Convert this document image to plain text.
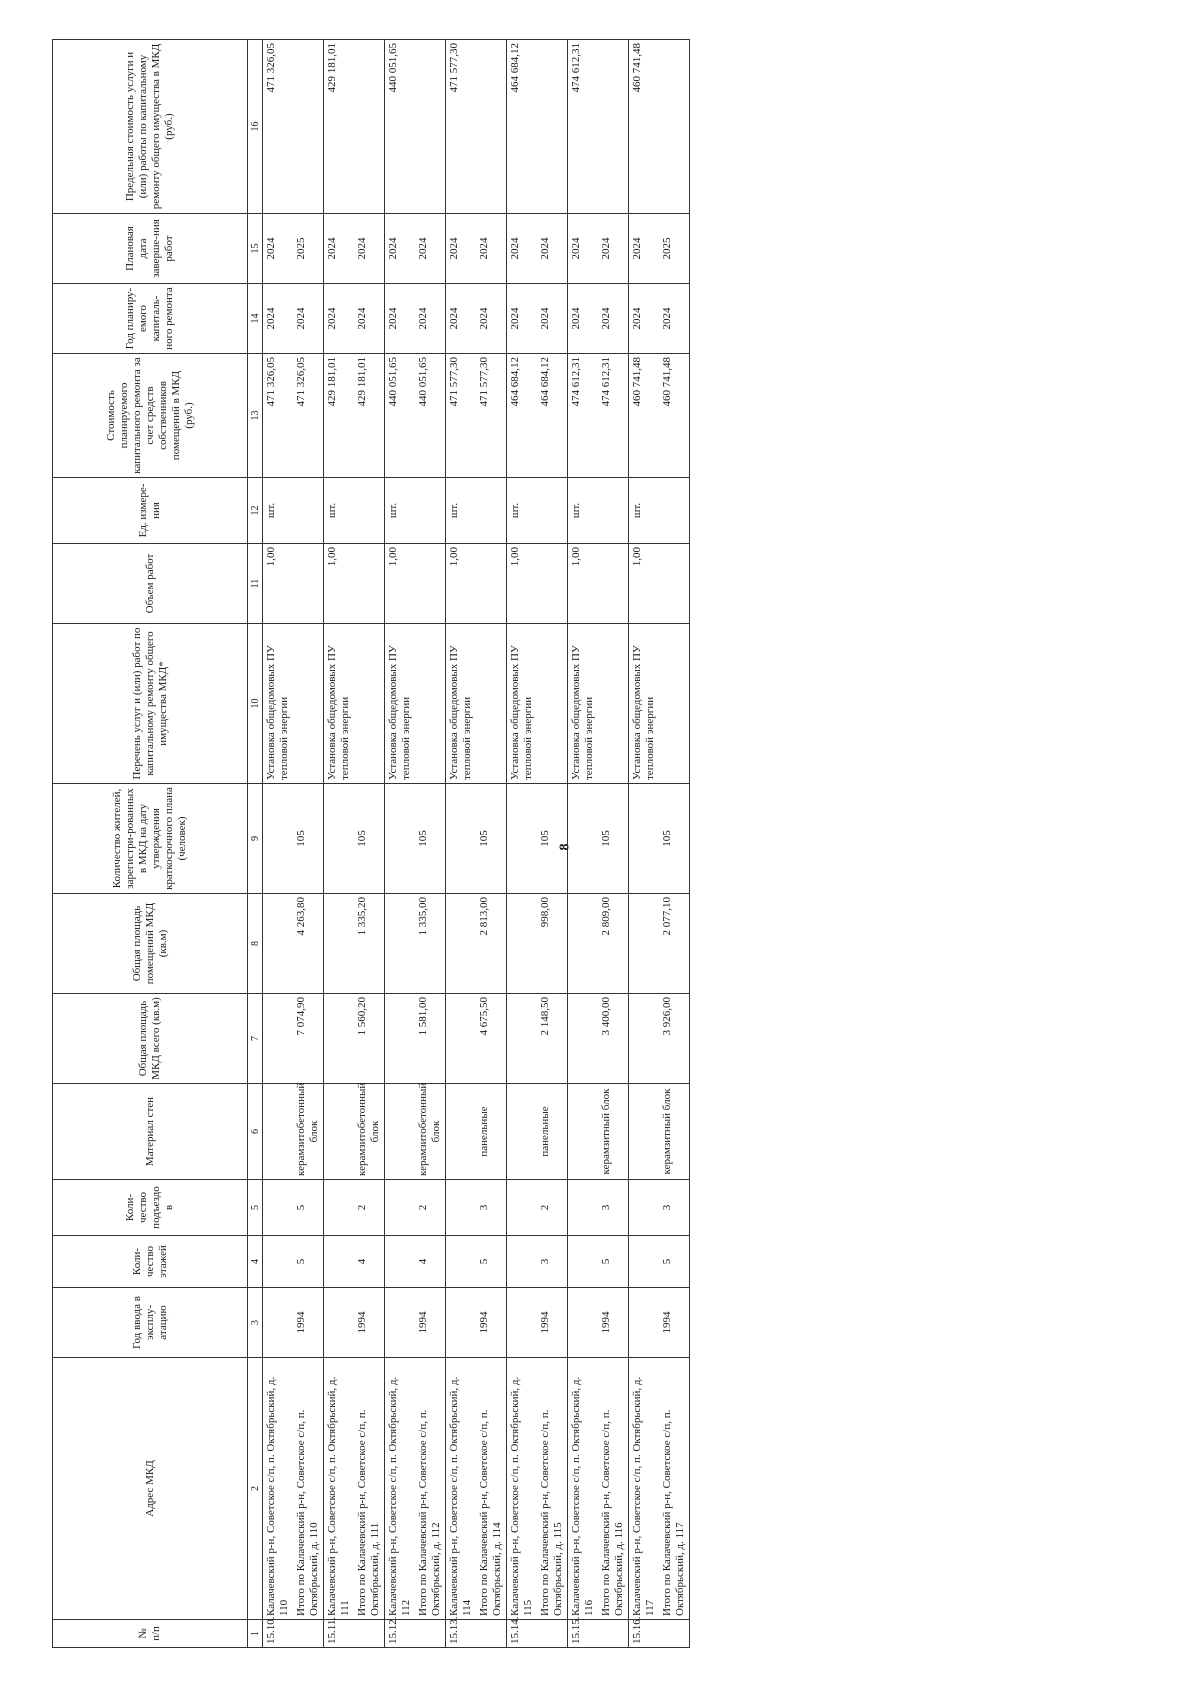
8
№ п/п	Адрес МКД	Год ввода в эксплу-атацию	Коли-чество этажей	Коли-чество подъездо в	Материал стен	Общая площадь МКД всего (кв.м)	Общая площадь помещений МКД (кв.м)	Количество жителей, зарегистри-рованных в МКД на дату утверждения краткосрочного плана (человек)	Перечень услуг и (или) работ по капитальному ремонту общего имущества МКД*	Объем работ	Ед. измере-ния	Стоимость планируемого капитального ремонта за счет средств собственников помещений в МКД (руб.)	Год планиру-емого капиталь-ного ремонта	Плановая дата заверше-ния работ	Предельная стоимость услуги и (или) работы по капитальному ремонту общего имущества в МКД (руб.)
1	2	3	4	5	6	7	8	9	10	11	12	13	14	15	16
15.10.	Калачевский р-н, Советское с/п, п. Октябрьский, д. 110								Установка общедомовых ПУ тепловой энергии	1,00	шт.	471 326,05	2024	2024	471 326,05
	Итого по Калачевский р-н, Советское с/п, п. Октябрьский, д. 110	1994	5	5	керамзитобетонный блок	7 074,90	4 263,80	105				471 326,05	2024	2025	
15.11.	Калачевский р-н, Советское с/п, п. Октябрьский, д. 111								Установка общедомовых ПУ тепловой энергии	1,00	шт.	429 181,01	2024	2024	429 181,01
	Итого по Калачевский р-н, Советское с/п, п. Октябрьский, д. 111	1994	4	2	керамзитобетонный блок	1 560,20	1 335,20	105				429 181,01	2024	2024	
15.12.	Калачевский р-н, Советское с/п, п. Октябрьский, д. 112								Установка общедомовых ПУ тепловой энергии	1,00	шт.	440 051,65	2024	2024	440 051,65
	Итого по Калачевский р-н, Советское с/п, п. Октябрьский, д. 112	1994	4	2	керамзитобетонный блок	1 581,00	1 335,00	105				440 051,65	2024	2024	
15.13.	Калачевский р-н, Советское с/п, п. Октябрьский, д. 114								Установка общедомовых ПУ тепловой энергии	1,00	шт.	471 577,30	2024	2024	471 577,30
	Итого по Калачевский р-н, Советское с/п, п. Октябрьский, д. 114	1994	5	3	панельные	4 675,50	2 813,00	105				471 577,30	2024	2024	
15.14.	Калачевский р-н, Советское с/п, п. Октябрьский, д. 115								Установка общедомовых ПУ тепловой энергии	1,00	шт.	464 684,12	2024	2024	464 684,12
	Итого по Калачевский р-н, Советское с/п, п. Октябрьский, д. 115	1994	3	2	панельные	2 148,50	998,00	105				464 684,12	2024	2024	
15.15.	Калачевский р-н, Советское с/п, п. Октябрьский, д. 116								Установка общедомовых ПУ тепловой энергии	1,00	шт.	474 612,31	2024	2024	474 612,31
	Итого по Калачевский р-н, Советское с/п, п. Октябрьский, д. 116	1994	5	3	керамзитный блок	3 400,00	2 809,00	105				474 612,31	2024	2024	
15.16.	Калачевский р-н, Советское с/п, п. Октябрьский, д. 117								Установка общедомовых ПУ тепловой энергии	1,00	шт.	460 741,48	2024	2024	460 741,48
	Итого по Калачевский р-н, Советское с/п, п. Октябрьский, д. 117	1994	5	3	керамзитный блок	3 926,00	2 077,10	105				460 741,48	2024	2025	
